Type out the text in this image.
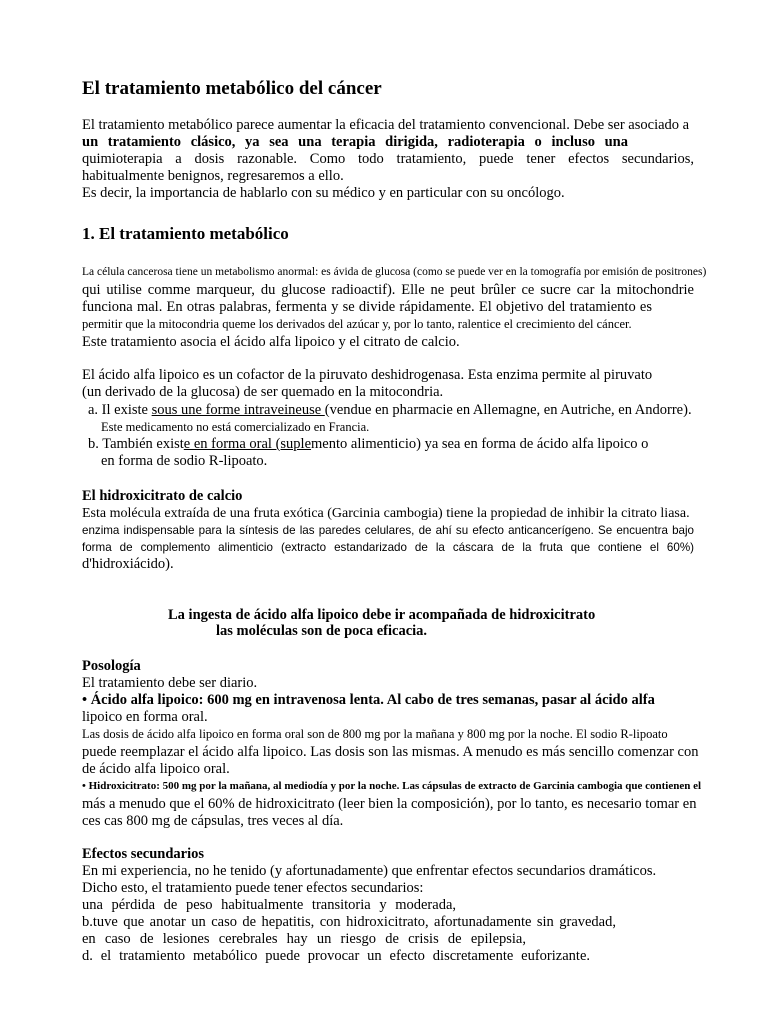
El tratamiento metabólico del cáncer
El tratamiento metabólico parece aumentar la eficacia del tratamiento convencional. Debe ser asociado a
un tratamiento clásico, ya sea una terapia dirigida, radioterapia o incluso una
quimioterapia a dosis razonable. Como todo tratamiento, puede tener efectos secundarios,
habitualmente benignos, regresaremos a ello.
Es decir, la importancia de hablarlo con su médico y en particular con su oncólogo.
1. El tratamiento metabólico
La célula cancerosa tiene un metabolismo anormal: es ávida de glucosa (como se puede ver en la tomografía por emisión de positrones)
qui utilise comme marqueur, du glucose radioactif). Elle ne peut brûler ce sucre car la mitochondrie
funciona mal. En otras palabras, fermenta y se divide rápidamente. El objetivo del tratamiento es
permitir que la mitocondria queme los derivados del azúcar y, por lo tanto, ralentice el crecimiento del cáncer.
Este tratamiento asocia el ácido alfa lipoico y el citrato de calcio.
El ácido alfa lipoico es un cofactor de la piruvato deshidrogenasa. Esta enzima permite al piruvato
(un derivado de la glucosa) de ser quemado en la mitocondria.
a. Il existe sous une forme intraveineuse (vendue en pharmacie en Allemagne, en Autriche, en Andorre).
Este medicamento no está comercializado en Francia.
b. También existe en forma oral (suplemento alimenticio) ya sea en forma de ácido alfa lipoico o
en forma de sodio R-lipoato.
El hidroxicitrato de calcio
Esta molécula extraída de una fruta exótica (Garcinia cambogia) tiene la propiedad de inhibir la citrato liasa.
enzima indispensable para la síntesis de las paredes celulares, de ahí su efecto anticancerígeno. Se encuentra bajo
forma de complemento alimenticio (extracto estandarizado de la cáscara de la fruta que contiene el 60%)
d'hidroxiácido).
La ingesta de ácido alfa lipoico debe ir acompañada de hidroxicitrato
las moléculas son de poca eficacia.
Posología
El tratamiento debe ser diario.
• Ácido alfa lipoico: 600 mg en intravenosa lenta. Al cabo de tres semanas, pasar al ácido alfa
lipoico en forma oral.
Las dosis de ácido alfa lipoico en forma oral son de 800 mg por la mañana y 800 mg por la noche. El sodio R-lipoato
puede reemplazar el ácido alfa lipoico. Las dosis son las mismas. A menudo es más sencillo comenzar con
de ácido alfa lipoico oral.
• Hidroxicitrato: 500 mg por la mañana, al mediodía y por la noche. Las cápsulas de extracto de Garcinia cambogia que contienen el
más a menudo que el 60% de hidroxicitrato (leer bien la composición), por lo tanto, es necesario tomar en
ces cas 800 mg de cápsulas, tres veces al día.
Efectos secundarios
En mi experiencia, no he tenido (y afortunadamente) que enfrentar efectos secundarios dramáticos.
Dicho esto, el tratamiento puede tener efectos secundarios:
una pérdida de peso habitualmente transitoria y moderada,
b.tuve que anotar un caso de hepatitis, con hidroxicitrato, afortunadamente sin gravedad,
en caso de lesiones cerebrales hay un riesgo de crisis de epilepsia,
d. el tratamiento metabólico puede provocar un efecto discretamente euforizante.
